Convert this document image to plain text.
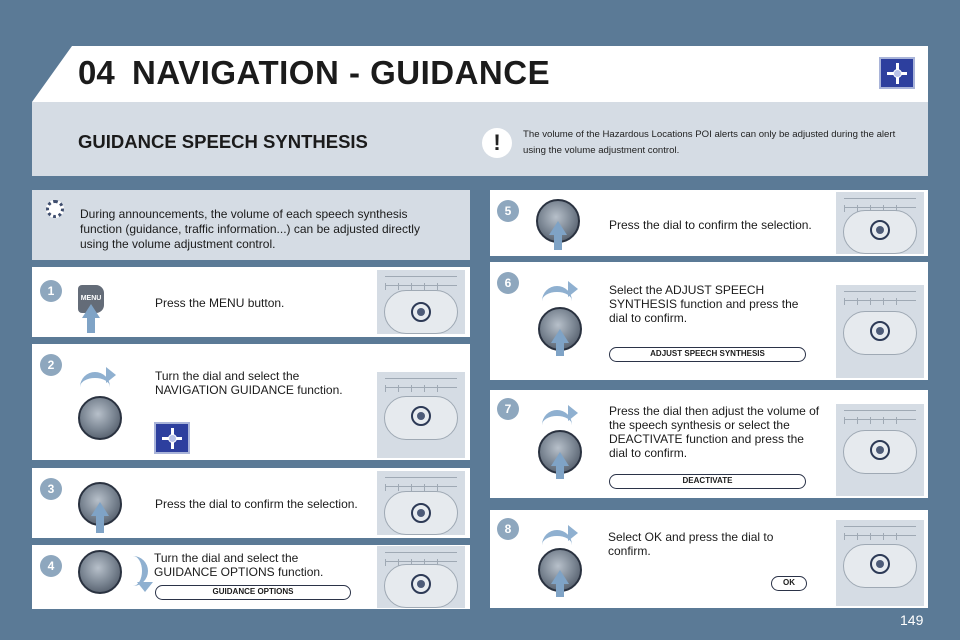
04 NAVIGATION - GUIDANCE
GUIDANCE SPEECH SYNTHESIS	!	The volume of the Hazardous Locations POI alerts can only be adjusted during the alert using the volume adjustment control.
During announcements, the volume of each speech synthesis function (guidance, traffic information...) can be adjusted directly using the volume adjustment control.
1
MENU	Press the MENU button.
2
Turn the dial and select the NAVIGATION GUIDANCE function.
3
Press the dial to confirm the selection.
4
Turn the dial and select the GUIDANCE OPTIONS function.
GUIDANCE OPTIONS
5
Press the dial to confirm the selection.
6	Select the ADJUST SPEECH SYNTHESIS function and press the dial to confirm.
ADJUST SPEECH SYNTHESIS
7	Press the dial then adjust the volume of the speech synthesis or select the DEACTIVATE function and press the dial to confirm.
DEACTIVATE
8
Select OK and press the dial to confirm.
OK
149
